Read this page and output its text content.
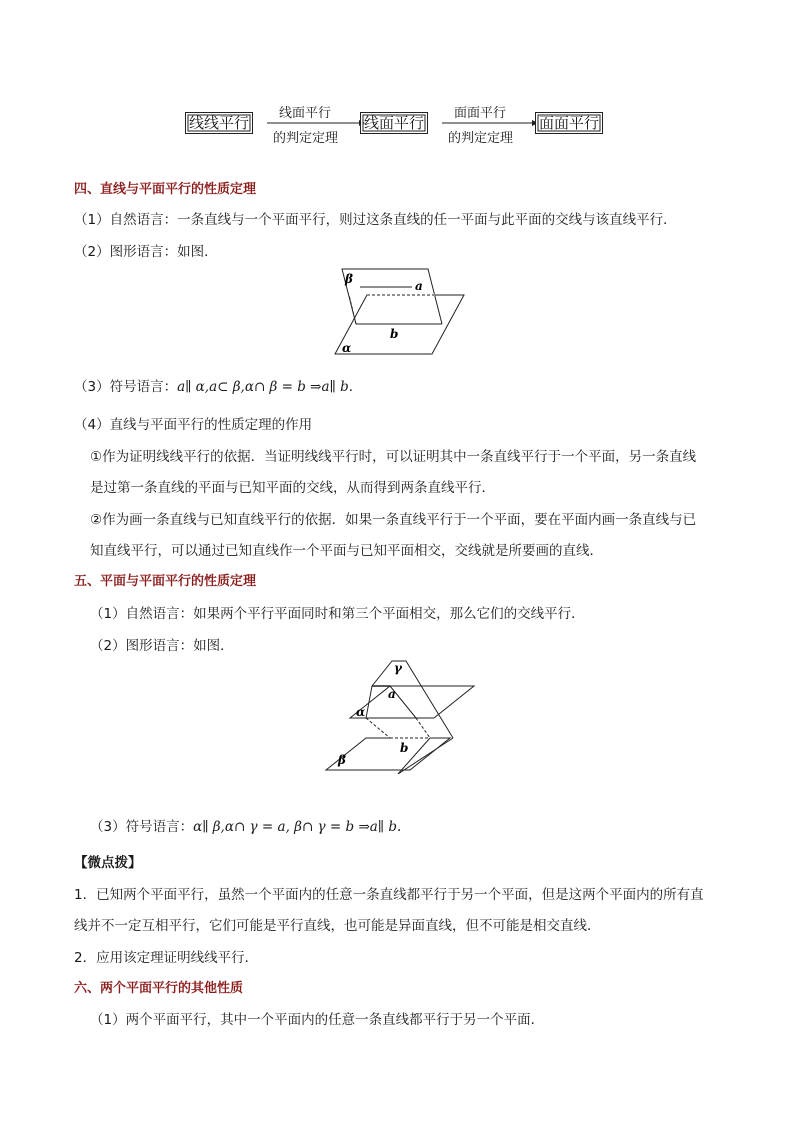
线线平行
线面平行
的判定定理
线面平行
面面平行
的判定定理
面面平行
四、直线与平面平行的性质定理
（1）自然语言：一条直线与一个平面平行，则过这条直线的任一平面与此平面的交线与该直线平行．
（2）图形语言：如图．
β	a
b
α
（3）符号语言：a∥ α,a⊂ β,α∩ β = b ⇒a∥ b．
（4）直线与平面平行的性质定理的作用
①作为证明线线平行的依据．当证明线线平行时，可以证明其中一条直线平行于一个平面，另一条直线
是过第一条直线的平面与已知平面的交线，从而得到两条直线平行．
②作为画一条直线与已知直线平行的依据．如果一条直线平行于一个平面，要在平面内画一条直线与已
知直线平行，可以通过已知直线作一个平面与已知平面相交，交线就是所要画的直线．
五、平面与平面平行的性质定理
（1）自然语言：如果两个平行平面同时和第三个平面相交，那么它们的交线平行．
（2）图形语言：如图．
γ
a
α
b
β
（3）符号语言：α∥ β,α∩ γ = a, β∩ γ = b ⇒a∥ b.
【微点拨】
1．已知两个平面平行，虽然一个平面内的任意一条直线都平行于另一个平面，但是这两个平面内的所有直
线并不一定互相平行，它们可能是平行直线，也可能是异面直线，但不可能是相交直线．
2．应用该定理证明线线平行．
六、两个平面平行的其他性质
（1）两个平面平行，其中一个平面内的任意一条直线都平行于另一个平面．
